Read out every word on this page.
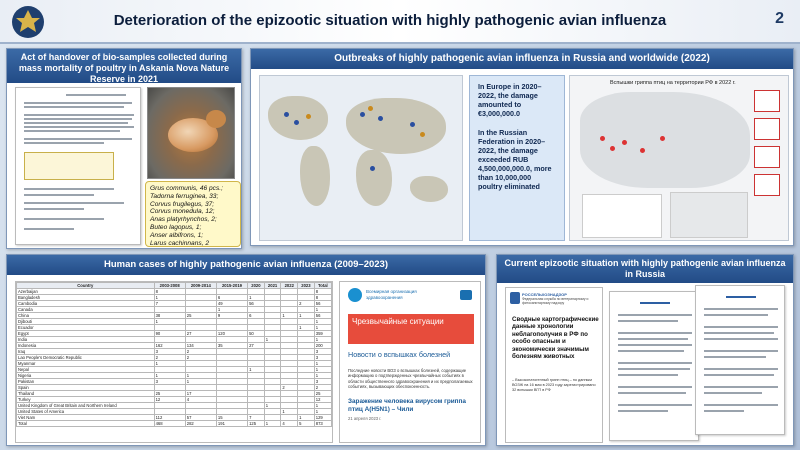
Deterioration of the epizootic situation with highly pathogenic avian influenza	2
Act of handover of bio-samples collected during mass mortality of poultry in Askania Nova Nature Reserve in 2021
Grus communis, 46 pcs.;
Tadorna ferruginea, 33;
Corvus frugilegus, 37;
Corvus monedula, 12;
Anas platyrhynchos, 2;
Buteo lagopus, 1;
Anser albifrons, 1;
Larus cachinnans, 2
Outbreaks of highly pathogenic avian influenza in Russia and worldwide (2022)

In Europe in 2020–2022, the damage amounted to €3,000,000.0

In the Russian Federation in 2020–2022, the damage exceeded RUB 4,500,000,000.0, more than 10,000,000 poultry eliminated

Вспышки гриппа птиц на территории РФ в 2022 г.
Human cases of highly pathogenic avian influenza (2009–2023)
Country	2003-2008	2009-2014	2015-2019	2020	2021	2022	2023	Total
Azerbaijan	8							8
Bangladesh	1		6	1				8
Cambodia	7		49	56			2	56
Canada			1					1
China	38	25	9	6		1	1	56
Djibouti	1							1
Ecuador							1	1
Egypt	90	27	120	50				359
India					1			1
Indonesia	162	134	35	27				200
Iraq	3	2						3
Lao People's Democratic Republic	2	2						3
Myanmar	1							1
Nepal				1				1
Nigeria	1	1						1
Pakistan	3	1						3
Spain						2		2
Thailand	25	17						25
Turkey	12	4						12
United Kingdom of Great Britain and Northern Ireland					1			1
United States of America						1		1
Viet Nam	112	57	15	7			1	129
Total	468	282	191	125	1	4	5	873
Всемирная организация здравоохранения
Чрезвычайные ситуации
Новости о вспышках болезней
Последние новости ВОЗ о вспышках болезней, содержащие информацию о подтвержденных чрезвычайных событиях в области общественного здравоохранения и их предполагаемых событиях, вызывающих обеспокоенность.
Заражение человека вирусом гриппа птиц A(H5N1) – Чили
21 апреля 2023 г.
Current epizootic situation with highly pathogenic avian influenza in Russia
РОССЕЛЬХОЗНАДЗОР
Федеральная служба по ветеринарному и фитосанитарному надзору
Сводные картографические данные хронологии неблагополучия в РФ по особо опасным и экономически значимым болезням животных
– Высокопатогенный грипп птиц – по данным ВОЗЖ на 16 мая в 2023 году зарегистрировано 32 вспышки ВГП в РФ
